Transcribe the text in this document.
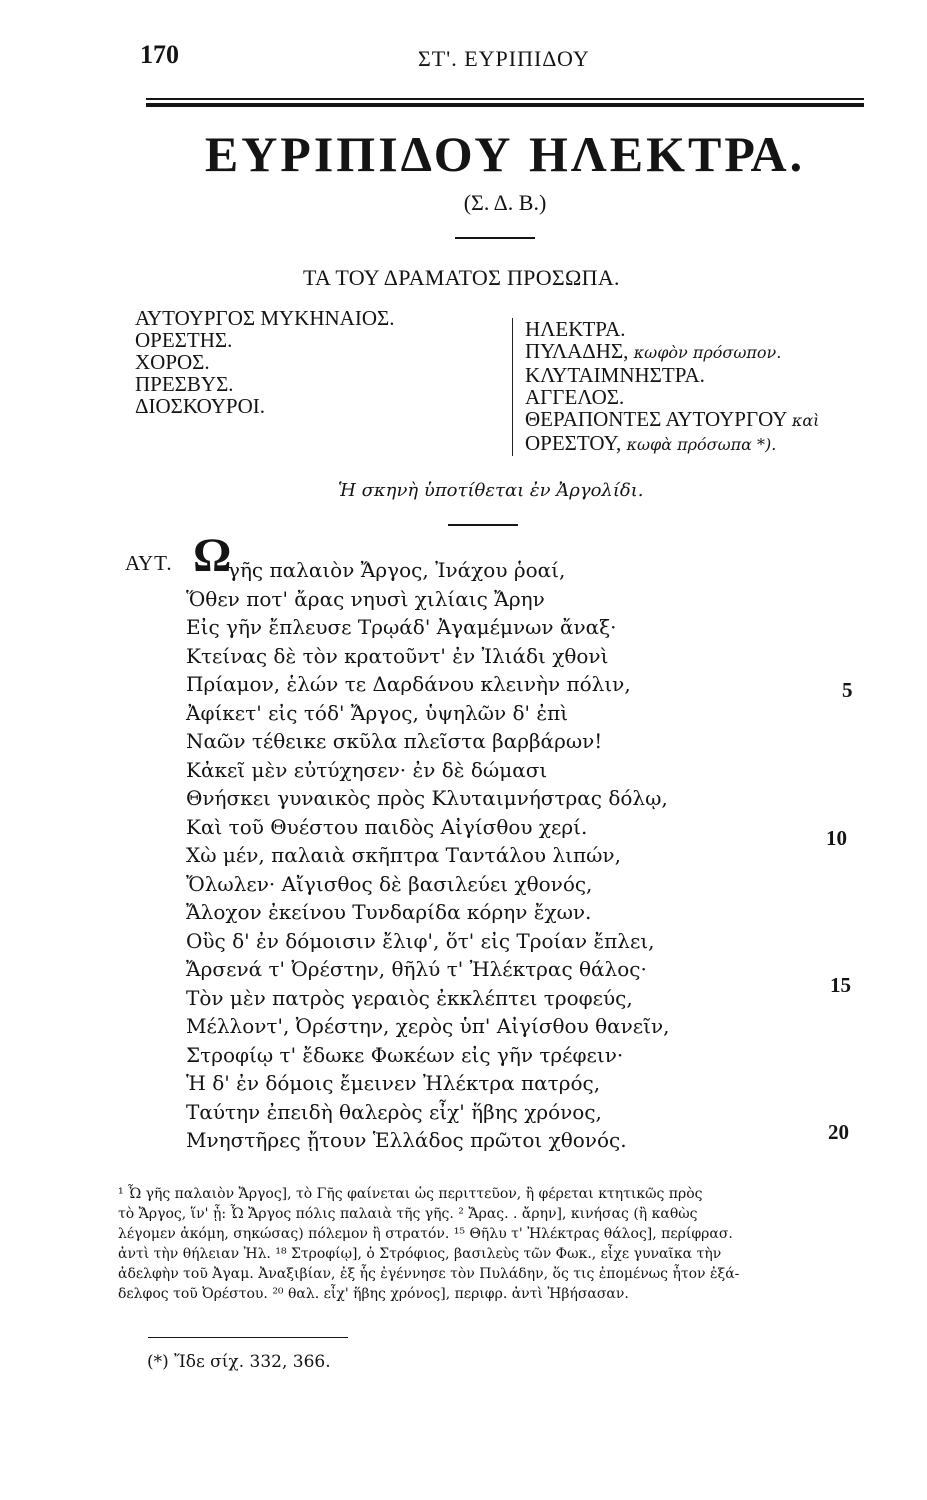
170	ΣΤ'. ΕΥΡΙΠΙΔΟΥ
ΕΥΡΙΠΙΔΟΥ ΗΛΕΚΤΡΑ.
(Σ. Δ. Β.)
ΤΑ ΤΟΥ ΔΡΑΜΑΤΟΣ ΠΡΟΣΩΠΑ.
ΑΥΤΟΥΡΓΟΣ ΜΥΚΗΝΑΙΟΣ.
ΟΡΕΣΤΗΣ.
ΧΟΡΟΣ.
ΠΡΕΣΒΥΣ.
ΔΙΟΣΚΟΥΡΟΙ.
ΗΛΕΚΤΡΑ.
ΠΥΛΑΔΗΣ, κωφὸν πρόσωπον.
ΚΛΥΤΑΙΜΝΗΣΤΡΑ.
ΑΓΓΕΛΟΣ.
ΘΕΡΑΠΟΝΤΕΣ ΑΥΤΟΥΡΓΟΥ καὶ
ΟΡΕΣΤΟΥ, κωφὰ πρόσωπα *).
Ἡ σκηνὴ ὑποτίθεται ἐν Ἀργολίδι.
ΑΥΤ. Ω
γῆς παλαιὸν Ἄργος, Ἰνάχου ῥοαί,
Ὅθεν ποτ' ἄρας νηυσὶ χιλίαις Ἄρην
Εἰς γῆν ἔπλευσε Τρῳάδ' Ἀγαμέμνων ἄναξ·
Κτείνας δὲ τὸν κρατοῦντ' ἐν Ἰλιάδι χθονὶ
Πρίαμον, ἑλών τε Δαρδάνου κλεινὴν πόλιν,
Ἀφίκετ' εἰς τόδ' Ἄργος, ὑψηλῶν δ' ἐπὶ
Ναῶν τέθεικε σκῦλα πλεῖστα βαρβάρων!
Κἀκεῖ μὲν εὐτύχησεν· ἐν δὲ δώμασι
Θνήσκει γυναικὸς πρὸς Κλυταιμνήστρας δόλῳ,
Καὶ τοῦ Θυέστου παιδὸς Αἰγίσθου χερί.
Χὼ μέν, παλαιὰ σκῆπτρα Ταντάλου λιπών,
Ὄλωλεν· Αἴγισθος δὲ βασιλεύει χθονός,
Ἄλοχον ἐκείνου Τυνδαρίδα κόρην ἔχων.
Οὓς δ' ἐν δόμοισιν ἔλιφ', ὅτ' εἰς Τροίαν ἔπλει,
Ἄρσενά τ' Ὀρέστην, θῆλύ τ' Ἠλέκτρας θάλος·
Τὸν μὲν πατρὸς γεραιὸς ἐκκλέπτει τροφεύς,
Μέλλοντ', Ὀρέστην, χερὸς ὑπ' Αἰγίσθου θανεῖν,
Στροφίῳ τ' ἔδωκε Φωκέων εἰς γῆν τρέφειν·
Ἡ δ' ἐν δόμοις ἔμεινεν Ἠλέκτρα πατρός,
Ταύτην ἐπειδὴ θαλερὸς εἶχ' ἥβης χρόνος,
Μνηστῆρες ᾔτουν Ἑλλάδος πρῶτοι χθονός.
5
10
15
20
¹ Ὦ γῆς παλαιὸν Ἄργος], τὸ Γῆς φαίνεται ὡς περιττεῦον, ἢ φέρεται κτητικῶς πρὸς
τὸ Ἄργος, ἵν' ᾖ: Ὦ Ἄργος πόλις παλαιὰ τῆς γῆς. ² Ἄρας. . ἄρην], κινήσας (ἢ καθὼς
λέγομεν ἀκόμη, σηκώσας) πόλεμον ἢ στρατόν. ¹⁵ Θῆλυ τ' Ἠλέκτρας θάλος], περίφρασ.
ἀντὶ τὴν θήλειαν Ἠλ. ¹⁸ Στροφίῳ], ὁ Στρόφιος, βασιλεὺς τῶν Φωκ., εἶχε γυναῖκα τὴν
ἀδελφὴν τοῦ Ἀγαμ. Ἀναξιβίαν, ἐξ ἧς ἐγέννησε τὸν Πυλάδην, ὅς τις ἐπομένως ἦτον ἐξά-
δελφος τοῦ Ὀρέστου. ²⁰ θαλ. εἶχ' ἥβης χρόνος], περιφρ. ἀντὶ Ἠβήσασαν.
(*) Ἴδε σίχ. 332, 366.
